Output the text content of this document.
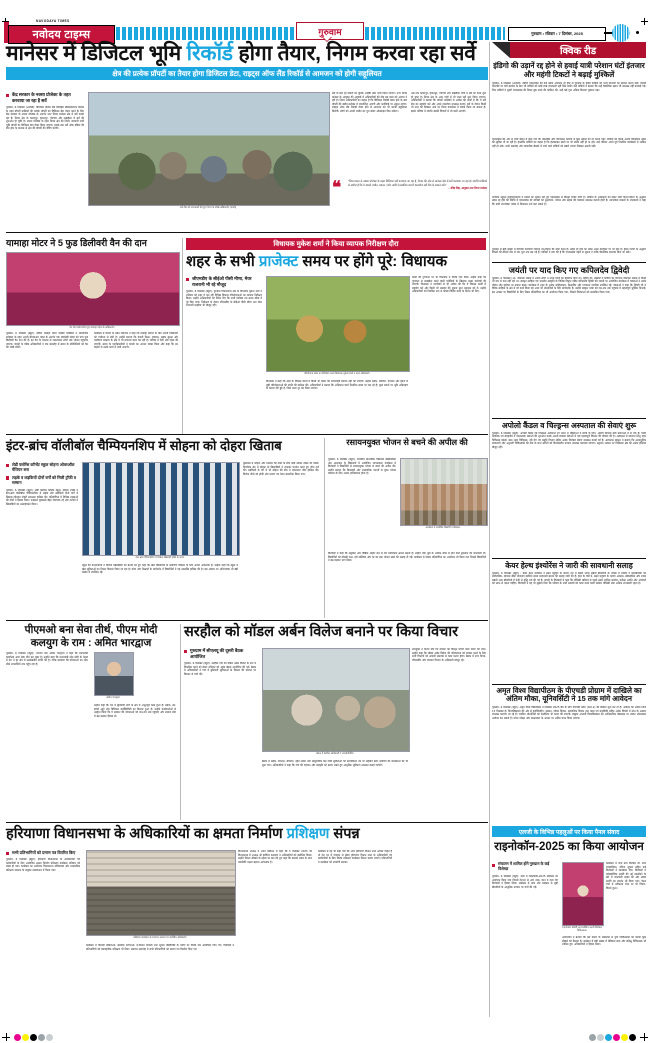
NAVODAYA TIMES
नवोदय टाइम्स	गुरुवाम	गुरुग्राम • रविवार • 7 दिसंबर, 2025
मानेसर में डिजिटल भूमि रिकॉर्ड होगा तैयार, निगम करवा रहा सर्वे
क्षेत्र की प्रत्येक प्रॉपर्टी का तैयार होगा डिजिटल डेटा, राइट्स ऑफ लैंड रिकॉर्ड से आमजन को होगी सहूलियत
केंद्र सरकार के नक्शा प्रोजेक्ट के तहत करवाया जा रहा है सर्वे
गुरुग्राम, 6 दिसम्बर (अजेंसी): डिजिटल प्रोसेस लैंड रिकॉर्ड्स मॉर्डनाइजेशन प्रोग्राम के तहत प्रॉपर्टी मालिकों की प्रत्येक प्रॉपर्टी का डिजिटल डेटा तैयार करने के लिए केंद्र सरकार के नक्शा प्रोजेक्ट के अंतर्गत नगर निगम मानेसर क्षेत्र में सर्वे करवा रहा है। निगम क्षेत्र के कादरपुर, हयातपुर, पंचगांव और नखड़ौला में सर्वे की शुरुआत हो चुकी है। नक्शा प्रोजेक्ट के तहत निगम क्षेत्र की निजी, सरकारी सभी भूमि प्रॉपर्टी का डिजिटल डेटा तैयार किया जाएगा। इसके बाद सर्वे ऑफ इंडिया की टीम ड्रोन के माध्यम से क्षेत्र की प्रॉपर्टी की मैपिंग करेगी।
सर्वे टीम को जानकारी देते हुए निगम के वरिष्ठ अधिकारी। (फोटो)
सर्वे के बाद हर प्रॉपर्टी का यूनिक आईडी नंबर जारी किया जाएगा। नगर निगम मानेसर के आयुक्त की अगुवाई में अधिकारियों की टीम इस काम को अंजाम दे रही है। निगम अधिकारियों का कहना है कि डिजिटल रिकॉर्ड तैयार होने के बाद प्रॉपर्टी की खरीद-फरोख्त में पारदर्शिता आएगी और फर्जीवाड़े पर अंकुश लगेगा। राइट्स ऑफ लैंड रिकॉर्ड तैयार होने से आमजन को भी काफी सहूलियत मिलेगी। लोगों को अपनी जमीन का पूरा ब्योरा ऑनलाइन मिल सकेगा।
अब तक कादरपुर, हयातपुर, पंचगांव और नखड़ौला गांवों में सर्वे का काम शुरू हो चुका है। निगम क्षेत्र के अन्य गांवों में भी जल्द सर्वे शुरू किया जाएगा। अधिकारियों ने बताया कि प्रॉपर्टी मालिकों से अपील की जाती है कि वे सर्वे टीम का सहयोग करें और अपने दस्तावेज उपलब्ध कराएं। सर्वे के दौरान किसी भी तरह की दिक्कत आने पर निगम कार्यालय में संपर्क किया जा सकता है। इससे भविष्य में संपत्ति संबंधी विवादों में भी कमी आएगी।
❝	"जिस प्रकार से नक्शा प्रोजेक्ट के तहत डिजिटल सर्वे करवाया जा रहा है, निगम की ओर से मानेसर क्षेत्र में सर्वे करवाया जा रहा है। संपत्ति मालिकों से अपील है कि वे अपनी जमीन, मकान, प्लॉट आदि से संबंधित जरूरी दस्तावेज सर्वे टीम के सामने रखें।"
– रविंद्र सिंह, आयुक्त नगर निगम मानेसर
क्विक रीड
इंडिगो की उड़ानें रद्द होने से हवाई यात्री परेशान घंटों इंतजार और महंगी टिकटों ने बढ़ाई मुश्किलें
गुरुग्राम, 6 दिसम्बर (अजेंसी): इंडिगो एयरलाइंस की कई उड़ानें अचानक रद्द होने से गुरुग्राम के हवाई यात्रियों को भारी परेशानी का सामना करना पड़ा। दिल्ली एयरपोर्ट पर घंटों इंतजार के बाद भी यात्रियों को कोई स्पष्ट जानकारी नहीं मिल सकी। कई यात्रियों ने बताया कि उन्हें वैकल्पिक उड़ान भी उपलब्ध नहीं करवाई गई। जिन यात्रियों ने दूसरी एयरलाइंस की टिकट बुक करने की कोशिश की, उन्हें कई गुना अधिक किराया चुकाना पड़ा।
एयरलाइंस की ओर से जारी बयान में कहा गया कि तकनीकी और परिचालन कारणों से कुछ उड़ानों को रद्द करना पड़ा। यात्रियों को रिफंड अथवा वैकल्पिक उड़ान की सुविधा दी जा रही है। हालांकि यात्रियों का कहना है कि हेल्पलाइन नंबरों पर भी संपर्क नहीं हो पा रहा। कई परिवार अपने पूर्व निर्धारित कार्यक्रमों में शामिल नहीं हो सके। शादी समारोह और व्यापारिक बैठकों में जाने वाले यात्रियों को सबसे ज्यादा दिक्कत उठानी पड़ी।
नागरिक उड्डयन महानिदेशालय ने मामले का संज्ञान लेते हुए एयरलाइंस से विस्तृत रिपोर्ट मांगी है। यात्रियों के अधिकारों को लेकर जारी दिशा-निर्देशों के अनुसार उड़ान रद्द होने की स्थिति में एयरलाइंस को यात्रियों को मुआवजा, भोजन और ठहरने की व्यवस्था उपलब्ध करानी होती है। उपभोक्ता मामलों के जानकारों ने कहा कि यात्री उपभोक्ता फोरम में शिकायत दर्ज करा सकते हैं।
गुरुग्राम से बड़ी संख्या में कॉर्पोरेट कर्मचारी रोजाना देश-विदेश की यात्रा करते हैं। उड़ानें रद्द होने का सीधा असर कारोबार पर भी पड़ा है। ट्रैवल एजेंटों के अनुसार टिकटों की कीमतें तीन से चार गुना तक बढ़ गई हैं। यात्रियों ने मांग की है कि एयरलाइंस पहले से सूचना दे ताकि वैकल्पिक इंतजाम किए जा सकें।
जयंती पर याद किए गए कपिलदेव द्विवेदी
गुरुग्राम, 6 दिसम्बर (अ): स्वतंत्रता संग्राम में अनेक लोगों ने अपने प्राणों का बलिदान दिया था। शहीदों को, लेखकों व कवियों का योगदान स्वतंत्रता संग्राम में किसी भी रूप से कम नहीं रहा था। संस्कृत साहित्य एवं भारतीय संस्कृति के विशिष्ट विद्वान पंडित कपिलदेव द्विवेदी की जयंती पर आयोजित कार्यक्रम में वक्ताओं ने उनके जीवन और कृतित्व पर प्रकाश डाला। कार्यक्रम में शहर के अनेक साहित्यकार, शिक्षाविद और गणमान्य नागरिक उपस्थित रहे। वक्ताओं ने कहा कि द्विवेदी जी ने वैदिक साहित्य के क्षेत्र में जो कार्य किया वह आज भी शोधार्थियों के लिए मार्गदर्शक है। उन्होंने संस्कृत भाषा को जन-जन तक पहुंचाने में महत्वपूर्ण भूमिका निभाई। इस अवसर पर विद्यार्थियों के लिए निबंध प्रतियोगिता का भी आयोजन किया गया, जिसमें विजेताओं को सम्मानित किया गया।
अपोलो कैंडल व चिल्ड्रन्स अस्पताल की सेवाएं शुरू
गुरुग्राम, 6 दिसम्बर (ब्यूरो): अपोलो कैंडल एंड चिल्ड्रन्स अस्पताल जो भारत में महिलाओं व बच्चों के लिए, अग्रणी स्वास्थ्य सेवा प्रदाताओं में से एक है। निजी नैदानिक एवं संवहनीय व चयनात्मक सेवाओं की शुरुआत करके अपनी स्वास्थ्य सेवाओं में एक महत्वपूर्ण विस्तार की घोषणा की है। अस्पताल में नवजात शिशु गहन चिकित्सा इकाई, बाल शल्य चिकित्सा, स्त्री रोग एवं प्रसूति विभाग सहित अनेक विशेषज्ञ सेवाएं उपलब्ध कराई गई हैं। अस्पताल प्रबंधन ने बताया कि अत्याधुनिक उपकरणों और अनुभवी चिकित्सकों की टीम के साथ मरीजों को विश्वस्तरीय उपचार उपलब्ध करवाया जाएगा। उद्घाटन अवसर पर चिकित्सा क्षेत्र की अनेक हस्तियां मौजूद रहीं।
केयर हेल्थ इंश्योरेंस ने जारी की सावधानी सलाह
गुरुग्राम, 6 दिसम्बर (ब्यूरो) : केयर हेल्थ इंश्योरेंस ने बढ़ते प्रदूषण के कारण देश में बढ़ती श्वास संबंधी बीमारियों के जवाब में मरीजों व कारोबारियों को सार्वजनिक, स्वास्थ्य बीमा योजनाएं खरीदते समय सावधानी बरतने की सलाह जारी की है। हाल के वर्षों में, बढ़ते प्रदूषण के कारण अस्थमा, ब्रोंकाइटिस और श्वास संबंधी अन्य बीमारियों में तेजी से वृद्धि दर्ज की गई है। कंपनी के विशेषज्ञों ने कहा कि पॉलिसी खरीदने से पहले उसमें शामिल कवरेज, प्रतीक्षा अवधि और अपवादों को ध्यान से पढ़ना चाहिए। विशेषज्ञों ने यह भी सुझाव दिया कि परिवार के सभी सदस्यों को कवर करने वाली फ्लोटर पॉलिसी लेना अधिक लाभकारी रहता है।
अमृत विश्व विद्यापीठम के पीएचडी प्रोग्राम में दाखिले का अंतिम मौका, यूनिवर्सिटी ने 15 तक मांगे आवेदन
गुरुग्राम, 6 दिसम्बर (ब्यूरो): अमृत विश्व विद्यापीठम ने दिसम्बर 2025 बैच के लिए पीएचडी प्रवेश (फेज-2) की प्रक्रिया शुरू कर दी है। आवेदन की अंतिम तिथि 15 दिसम्बर है। विश्वविद्यालय की ओर से इंजीनियरिंग, प्रबंधन, जीवन विज्ञान, सामाजिक विज्ञान तथा कला एवं मानविकी सहित अनेक विषयों में शोध के अवसर उपलब्ध करवाए जा रहे हैं। चयनित शोधार्थियों को फेलोशिप भी प्रदान की जाएगी। इच्छुक अभ्यर्थी विश्वविद्यालय की आधिकारिक वेबसाइट पर जाकर ऑनलाइन आवेदन कर सकते हैं। प्रवेश परीक्षा और साक्षात्कार के आधार पर अंतिम चयन किया जाएगा।
यामाहा मोटर ने 5 फुड डिलीवरी वैन की दान
वैन की चाबी सौंपते हुए यामाहा मोटर के अधिकारी।
गुरुग्राम, 6 दिसम्बर (ब्यूरो): इंडिया यामाहा मोटर प्राइवेट लिमिटेड ने सामाजिक सरोकार के तहत अपनी सीएसआर पहल के अंतर्गत एक स्वयंसेवी संस्था को पांच फूड डिलीवरी वैन दान की हैं। इन वैन के माध्यम से जरूरतमंद लोगों तक भोजन पहुंचाया जाएगा। कंपनी के वरिष्ठ अधिकारियों ने एक समारोह में संस्था के प्रतिनिधियों को वैन की चाबी सौंपी।
कार्यक्रम में कंपनी के प्रबंध निदेशक ने कहा कि यामाहा समाज के प्रति अपनी जिम्मेदारी को गंभीरता से लेती है। उन्होंने बताया कि कंपनी शिक्षा, स्वास्थ्य, सड़क सुरक्षा और पर्यावरण संरक्षण के क्षेत्र में भी लगातार काम कर रही है। भविष्य में ऐसी और पहल की जाएंगी। संस्था के पदाधिकारियों ने कंपनी का आभार व्यक्त किया और कहा कि इन वाहनों से उनके कार्य में तेजी आएगी।
विधायक मुकेश शर्मा ने किया व्यापक निरीक्षण दौरा
शहर के सभी प्राजेक्ट समय पर होंगे पूरे: विधायक
जीएमडीए के सीईओ पीसी मीणा, मेयर राजरानी भी रहे मौजूद
गुरुग्राम, 6 दिसम्बर (ब्यूरो): गुरुग्राम विधानसभा क्षेत्र के विधायक मुकेश शर्मा ने शनिवार को शहर में चल रही विभिन्न विकास परियोजनाओं का व्यापक निरीक्षण किया। उन्होंने अधिकारियों को निर्देश दिए कि सभी प्रोजेक्ट तय समय सीमा में पूरे किए जाएं। निरीक्षण के दौरान जीएमडीए के सीईओ पीसी मीणा तथा मेयर राजरानी मल्होत्रा भी मौजूद रहीं।
परियोजना स्थल का निरीक्षण करते विधायक मुकेश शर्मा व अन्य अधिकारी।
विधायक ने कहा कि शहर के विकास कार्यों में किसी भी प्रकार की लापरवाही बर्दाश्त नहीं की जाएगी। उन्होंने सड़क, सीवरेज, पेयजल और ड्रेनेज से जुड़ी परियोजनाओं की प्रगति की समीक्षा की। अधिकारियों ने बताया कि अधिकांश कार्य निर्धारित समय पर चल रहे हैं। कुछ स्थानों पर भूमि अधिग्रहण के कारण देरी हुई है, जिसे जल्द दूर कर लिया जाएगा।
कार्यों की गुणवत्ता पर भी विधायक ने विशेष जोर दिया। उन्होंने कहा कि गुणवत्ता से समझौता करने वाली एजेंसियों के खिलाफ सख्त कार्रवाई की जाएगी। विधायक ने नागरिकों से भी अपील की कि वे विकास कार्यों में सहयोग करें और किसी भी समस्या की सूचना तुरंत प्रशासन को दें। उन्होंने अधिकारियों को नियमित रूप से फील्ड विजिट करने के निर्देश भी दिए।
इंटर-ब्रांच वॉलीबॉल चैम्पियनशिप में सोहना को दोहरा खिताब
लेडी फ्लोरेंस कॉन्वेंट स्कूल सोहना ओवरऑल चैंपियन बना
लड़के व लड़कियों दोनों वर्गों को मिली ट्रॉफी व सम्मान
गुरुग्राम, 6 दिसम्बर (ब्यूरो): लेडी फ्लोरेंस कॉन्वेंट स्कूल, सोहना शाखा ने इंटर-ब्रांच वॉलीबॉल चैम्पियनशिप में लड़के और लड़कियों दोनों वर्गों में खिताब जीतकर दोहरी सफलता हासिल की। प्रतियोगिता में विभिन्न शाखाओं की टीमों ने हिस्सा लिया। फाइनल मुकाबले बेहद रोमांचक रहे और दर्शकों ने खिलाड़ियों का उत्साहवर्धन किया।
इंटर ब्रांच चैंपियनशिप में विजेता खिलाड़ी ट्रॉफी के साथ।
स्कूल की प्रधानाचार्या ने विजेता खिलाड़ियों को बधाई देते हुए कहा कि खेल विद्यार्थियों के सर्वांगीण विकास के लिए अत्यंत आवश्यक हैं। उन्होंने कहा कि स्कूल में खेल सुविधाओं का निरंतर विस्तार किया जा रहा है। कोच और शिक्षकों के मार्गदर्शन में विद्यार्थियों ने यह उपलब्धि हासिल की है। इस अवसर पर अभिभावक भी बड़ी संख्या में उपस्थित रहे।
मुकाबले में सोहना और मानेसर की टीमों के बीच कड़ी टक्कर देखने को मिली। निर्णायक सेट में सोहना के खिलाड़ियों ने शानदार प्रदर्शन करते हुए जीत दर्ज की। लड़कियों के वर्ग में भी सोहना की टीम ने एकतरफा जीत हासिल की। विजेता टीमों को ट्रॉफी और प्रमाण पत्र देकर सम्मानित किया गया।
रसायनयुक्त भोजन से बचने की अपील की
गुरुग्राम, 6 दिसम्बर (ब्यूरो): राजकीय माध्यमिक विद्यालय खेड़कीदौला और आसपास के विद्यालयों में आयोजित जागरूकता कार्यक्रम में विशेषज्ञों ने विद्यार्थियों से रसायनयुक्त भोजन से बचने की अपील की। उन्होंने बताया कि मिलावटी और रासायनिक पदार्थों से युक्त भोजन स्वास्थ्य के लिए अत्यंत हानिकारक होता है।
कार्यक्रम में उपस्थित विद्यार्थी व शिक्षक।
विशेषज्ञों ने कहा कि संतुलित और पौष्टिक आहार लेने से रोग प्रतिरोधक क्षमता बढ़ती है। उन्होंने जंक फूड के अधिक सेवन से होने वाले नुकसान की जानकारी दी। विद्यार्थियों को मौसमी फल, हरी सब्जियां और घर का बना भोजन खाने की सलाह दी गई। कार्यक्रम में पोस्टर प्रतियोगिता का आयोजन भी किया गया जिसमें विद्यार्थियों ने बढ़-चढ़कर भाग लिया।
पीएमओ बना सेवा तीर्थ, पीएम मोदी
कलयुग के राम : अमित भारद्वाज
गुरुग्राम, 6 दिसम्बर (ब्यूरो): भाजपा नेता अमित भारद्वाज ने कहा कि प्रधानमंत्री कार्यालय आज सेवा तीर्थ बन चुका है। उन्होंने कहा कि प्रधानमंत्री नरेंद्र मोदी के नेतृत्व में देश ने हर क्षेत्र में उल्लेखनीय प्रगति की है। गरीब कल्याण की योजनाओं का लाभ सीधे लाभार्थियों तक पहुंच रहा है।
अमित भारद्वाज
उन्होंने कहा कि देश में बुनियादी ढांचे के क्षेत्र में अभूतपूर्व काम हुआ है। सड़क, रेल, हवाई अड्डों और डिजिटल कनेक्टिविटी का विस्तार हुआ है। उन्होंने कार्यकर्ताओं से आह्वान किया कि वे सरकार की योजनाओं को जन-जन तक पहुंचाएं और समाज सेवा में बढ़-चढ़कर हिस्सा लें।
सरहौल को मॉडल अर्बन विलेज बनाने पर किया विचार
गुरुग्राम में सीएलयू की दूसरी बैठक आयोजित
गुरुग्राम, 6 दिसम्बर (ब्यूरो): सरहौल गांव को मॉडल अर्बन विलेज के रूप में विकसित करने को लेकर शनिवार को अहम बैठक आयोजित की गई। बैठक में अधिकारियों ने गांव में बुनियादी सुविधाओं के विस्तार की योजना पर विस्तार से चर्चा की।
बैठक में शामिल अधिकारी व जनप्रतिनिधि।
बैठक में सड़क, पेयजल, सीवरेज, स्ट्रीट लाइट और सामुदायिक केंद्र जैसी सुविधाओं को प्राथमिकता देने पर सहमति बनी। ग्रामीणों की समस्याओं को भी सुना गया। अधिकारियों ने कहा कि गांव की पहचान और संस्कृति को बनाए रखते हुए आधुनिक सुविधाएं उपलब्ध कराई जाएंगी।
उपायुक्त ने निर्देश दिए कि योजना की विस्तृत रिपोर्ट जल्द तैयार की जाए। उन्होंने कहा कि मॉडल अर्बन विलेज की परिकल्पना को साकार करने के लिए सभी विभागों को आपसी समन्वय से काम करना होगा। बैठक में नगर निगम, जीएमडीए और पंचायत विभाग के अधिकारी मौजूद रहे।
हरियाणा विधानसभा के अधिकारियों का क्षमता निर्माण प्रशिक्षण संपन्न
सभी प्रतिभागियों को प्रमाण पत्र वितरित किए
गुरुग्राम, 6 दिसम्बर (ब्यूरो): हरियाणा विधानसभा के अधिकारियों एवं कर्मचारियों के लिए आयोजित क्षमता निर्माण प्रशिक्षण कार्यक्रम शनिवार को संपन्न हो गया। कार्यक्रम का आयोजन विधानसभा सचिवालय और प्रशासनिक प्रशिक्षण संस्थान के संयुक्त तत्वावधान में किया गया।
प्रशिक्षण कार्यक्रम के समापन अवसर पर उपस्थित अधिकारी।
कार्यक्रम में विधायी प्रक्रियाओं, संसदीय परंपराओं, ई-विधान प्रणाली तथा सूचना प्रौद्योगिकी के प्रयोग पर विशेष सत्र आयोजित किए गए। विशेषज्ञों ने प्रतिभागियों को व्यावहारिक प्रशिक्षण भी दिया। समापन समारोह में सभी प्रतिभागियों को प्रमाण पत्र वितरित किए गए।
विधानसभा अध्यक्ष ने अपने संबोधन में कहा कि 5 दिसम्बर 2025 को विधानसभा में अध्यक्ष श्री हरविंदर कल्याण ने अधिकारियों को संबोधित किया। उन्होंने निरंतर सीखने के महत्व पर बल देते हुए कहा कि बदलते समय के साथ तकनीकी दक्षता बढ़ाना आवश्यक है।
कार्यक्रम में यह भी कहा गया कि अगर हरियाणा विधान सभा अव्वल चाहते हैं तो देश भर में पंचायत से लेकर हरियाणा विधान सभा के अधिकारियों एवं कर्मचारियों के लिए विशेष प्रशिक्षण कार्यक्रम निरंतर चलाए जाएंगे। प्रतिभागियों ने कार्यक्रम को उपयोगी बताया।
एलजी के विभिन्न पहलुओं पर किया पैनल संवाद
राइनोकॉन-2025 का किया आयोजन
संचालन में शामिल होंगे गुरुग्राम के कई विशेषज्ञ
गुरुग्राम, 6 दिसम्बर (ब्यूरो): शहर में राइनोकॉन-2025 सम्मेलन का आयोजन किया गया जिसमें देशभर से आए नाक, कान व गला रोग विशेषज्ञों ने हिस्सा लिया। सम्मेलन में नाक और साइनस से जुड़ी बीमारियों के आधुनिक उपचार पर चर्चा की गई।
राइनोकॉन 2025 को संबोधित करतीं विशेषज्ञ चिकित्सक।
आयोजकों ने बताया कि इस प्रकार के सम्मेलनों से युवा चिकित्सकों को काफी कुछ सीखने को मिलता है। सम्मेलन में बड़ी संख्या में मेडिकल छात्र और प्रशिक्षु चिकित्सक भी शामिल हुए। अधिकारियों ने हिस्सा लिया।
कार्यक्रम में जाने माने विशेषज्ञ डॉ. रूपा राजकोटिया, वंदिता शुक्ला सहित कई विशेषज्ञों ने व्याख्यान दिए। विशेषज्ञों ने एंडोस्कोपिक सर्जरी की नई तकनीकों के बारे में जानकारी साझा की और लाइव सर्जरी का प्रदर्शन भी किया गया। पैनल चर्चा में नवीनतम शोध पर भी विचार-विमर्श हुआ।
